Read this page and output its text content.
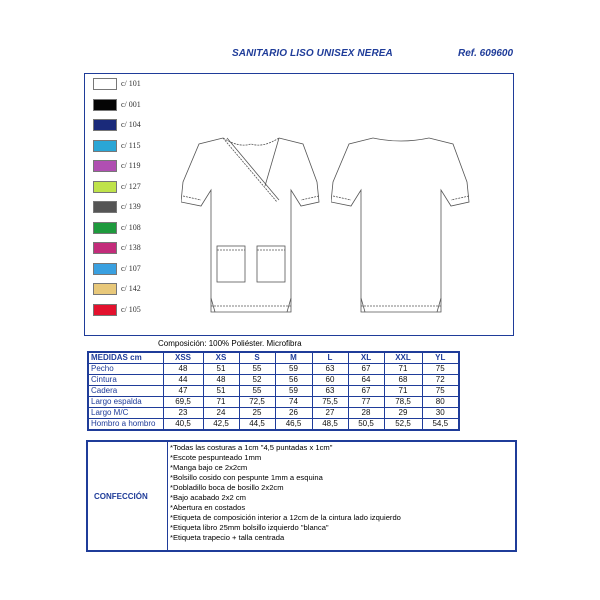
SANITARIO LISO UNISEX NEREA	Ref. 609600
c/ 101
c/ 001
c/ 104
c/ 115
c/ 119
c/ 127
c/ 139
c/ 108
c/ 138
c/ 107
c/ 142
c/ 105
Composición: 100% Poliéster. Microfibra
MEDIDAS cm	XSS	XS	S	M	L	XL	XXL	YL
Pecho	48	51	55	59	63	67	71	75
Cintura	44	48	52	56	60	64	68	72
Cadera	47	51	55	59	63	67	71	75
Largo espalda	69,5	71	72,5	74	75,5	77	78,5	80
Largo M/C	23	24	25	26	27	28	29	30
Hombro a hombro	40,5	42,5	44,5	46,5	48,5	50,5	52,5	54,5
CONFECCIÓN
*Todas las costuras a 1cm "4,5 puntadas x 1cm"
*Escote pespunteado 1mm
*Manga bajo ce 2x2cm
*Bolsillo cosido con pespunte 1mm a esquina
*Dobladillo boca de bosillo 2x2cm
*Bajo acabado 2x2 cm
*Abertura en costados
*Etiqueta de composición interior a 12cm de la cintura lado izquierdo
*Etiqueta libro 25mm bolsillo izquierdo "blanca"
*Etiqueta trapecio + talla centrada
